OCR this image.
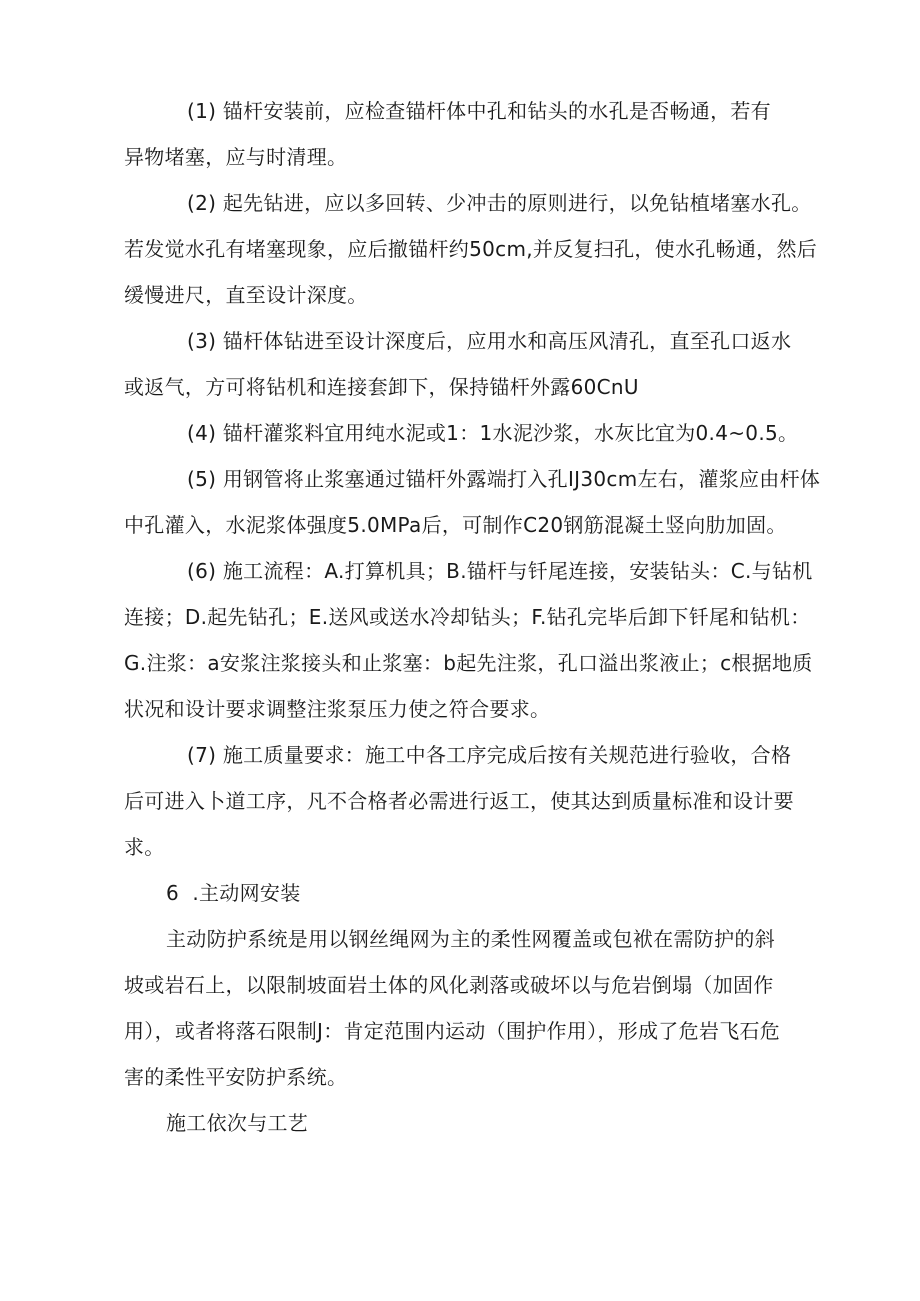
(1) 锚杆安装前，应检查锚杆体中孔和钻头的水孔是否畅通，若有
异物堵塞，应与时清理。
(2) 起先钻进，应以多回转、少冲击的原则进行，以免钻植堵塞水孔。
若发觉水孔有堵塞现象，应后撤锚杆约50cm,并反复扫孔，使水孔畅通，然后
缓慢进尺，直至设计深度。
(3) 锚杆体钻进至设计深度后，应用水和高压风清孔，直至孔口返水
或返气，方可将钻机和连接套卸下，保持锚杆外露60CnU
(4) 锚杆灌浆料宜用纯水泥或1：1水泥沙浆，水灰比宜为0.4~0.5。
(5) 用钢管将止浆塞通过锚杆外露端打入孔IJ30cm左右，灌浆应由杆体
中孔灌入，水泥浆体强度5.0MPa后，可制作C20钢筋混凝土竖向肋加固。
(6) 施工流程：A.打算机具；B.锚杆与钎尾连接，安装钻头：C.与钻机
连接；D.起先钻孔；E.送风或送水冷却钻头；F.钻孔完毕后卸下钎尾和钻机：
G.注浆：a安浆注浆接头和止浆塞：b起先注浆，孔口溢出浆液止；c根据地质
状况和设计要求调整注浆泵压力使之符合要求。
(7) 施工质量要求：施工中各工序完成后按有关规范进行验收，合格
后可进入卜道工序，凡不合格者必需进行返工，使其达到质量标准和设计要
求。
6  .主动网安装
主动防护系统是用以钢丝绳网为主的柔性网覆盖或包袱在需防护的斜
坡或岩石上，以限制坡面岩土体的风化剥落或破坏以与危岩倒塌（加固作
用），或者将落石限制J：肯定范围内运动（围护作用），形成了危岩飞石危
害的柔性平安防护系统。
施工依次与工艺
